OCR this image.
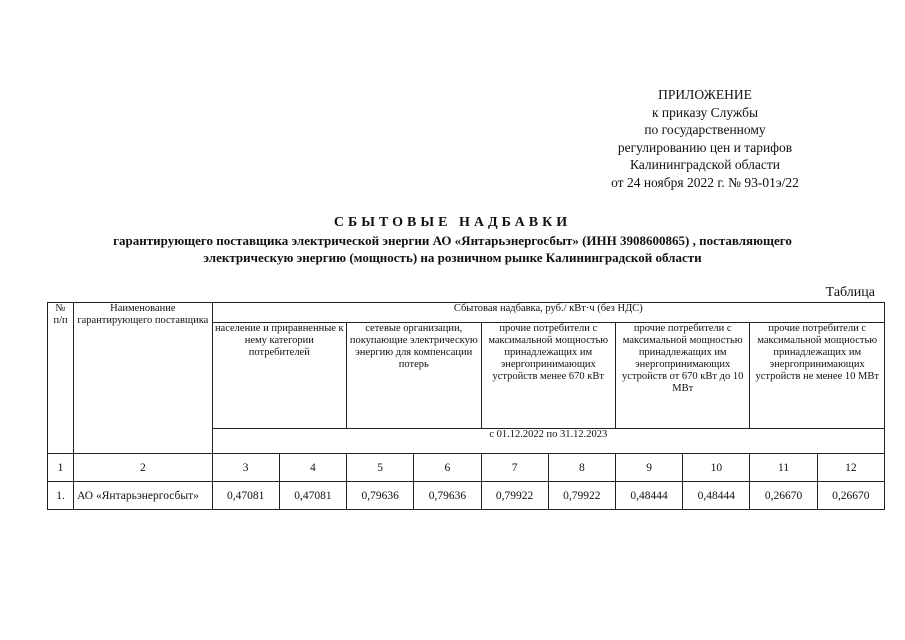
ПРИЛОЖЕНИЕ
к приказу Службы
по государственному
регулированию цен и тарифов
Калининградской области
от 24 ноября 2022 г. № 93-01э/22
СБЫТОВЫЕ НАДБАВКИ
гарантирующего поставщика электрической энергии АО «Янтарьэнергосбыт» (ИНН 3908600865) , поставляющего
электрическую энергию (мощность) на розничном рынке Калининградской области
Таблица
№ п/п	Наименование гарантирующего поставщика	Сбытовая надбавка, руб./ кВт·ч (без НДС)									
		население и приравненные к нему категории потребителей		сетевые организации, покупающие электрическую энергию для компенсации потерь		прочие потребители с максимальной мощностью принадлежащих им энергопринимающих устройств менее 670 кВт		прочие потребители с максимальной мощностью принадлежащих им энергопринимающих устройств от 670 кВт до 10 МВт		прочие потребители с максимальной мощностью принадлежащих им энергопринимающих устройств не менее 10 МВт	
		с 01.12.2022 по 31.12.2023									
1	2	3	4	5	6	7	8	9	10	11	12
1.	АО «Янтарьэнергосбыт»	0,47081	0,47081	0,79636	0,79636	0,79922	0,79922	0,48444	0,48444	0,26670	0,26670
